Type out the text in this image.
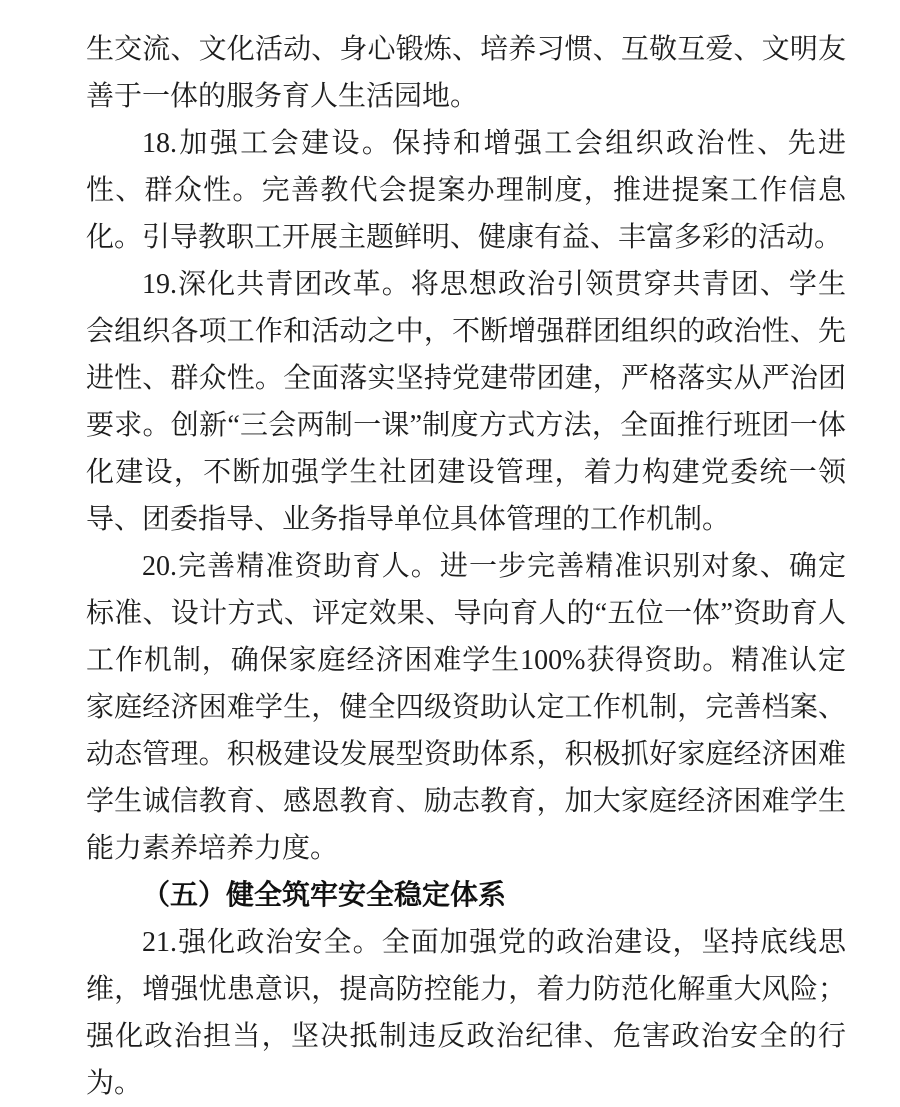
生交流、文化活动、身心锻炼、培养习惯、互敬互爱、文明友善于一体的服务育人生活园地。

18.加强工会建设。保持和增强工会组织政治性、先进性、群众性。完善教代会提案办理制度，推进提案工作信息化。引导教职工开展主题鲜明、健康有益、丰富多彩的活动。

19.深化共青团改革。将思想政治引领贯穿共青团、学生会组织各项工作和活动之中，不断增强群团组织的政治性、先进性、群众性。全面落实坚持党建带团建，严格落实从严治团要求。创新“三会两制一课”制度方式方法，全面推行班团一体化建设，不断加强学生社团建设管理，着力构建党委统一领导、团委指导、业务指导单位具体管理的工作机制。

20.完善精准资助育人。进一步完善精准识别对象、确定标准、设计方式、评定效果、导向育人的“五位一体”资助育人工作机制，确保家庭经济困难学生100%获得资助。精准认定家庭经济困难学生，健全四级资助认定工作机制，完善档案、动态管理。积极建设发展型资助体系，积极抓好家庭经济困难学生诚信教育、感恩教育、励志教育，加大家庭经济困难学生能力素养培养力度。

（五）健全筑牢安全稳定体系

21.强化政治安全。全面加强党的政治建设，坚持底线思维，增强忧患意识，提高防控能力，着力防范化解重大风险；强化政治担当，坚决抵制违反政治纪律、危害政治安全的行为。
